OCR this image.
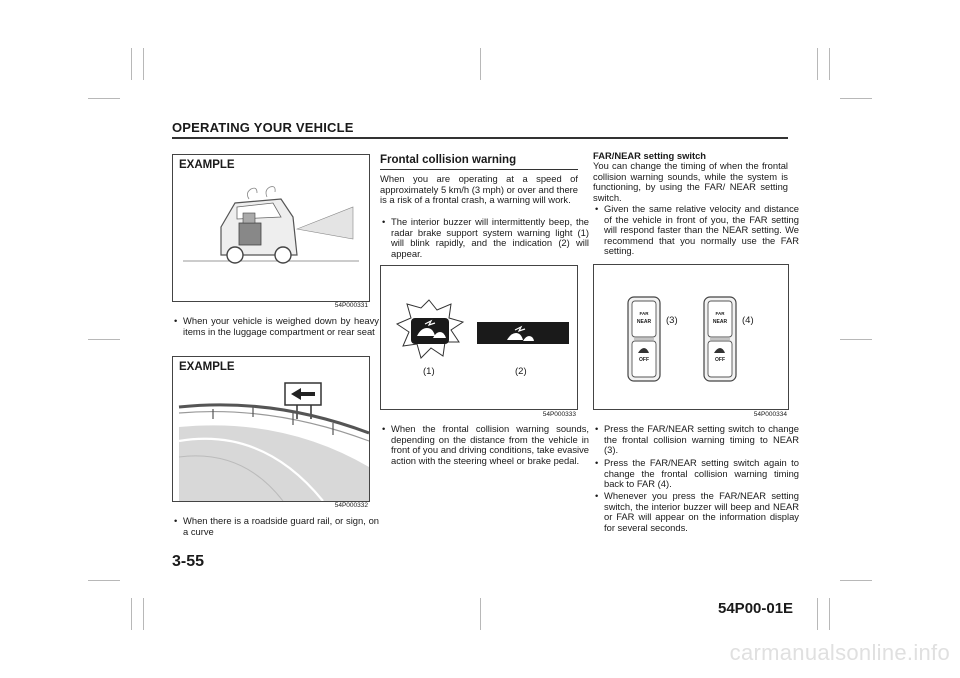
OPERATING YOUR VEHICLE
EXAMPLE
54P000331
• When your vehicle is weighed down by heavy items in the luggage compartment or rear seat
EXAMPLE
54P000332
• When there is a roadside guard rail, or sign, on a curve
Frontal collision warning
When you are operating at a speed of approximately 5 km/h (3 mph) or over and there is a risk of a frontal crash, a warning will work.
• The interior buzzer will intermittently beep, the radar brake support system warning light (1) will blink rapidly, and the indication (2) will appear.
(1)	(2)
54P000333
• When the frontal collision warning sounds, depending on the distance from the vehicle in front of you and driving conditions, take evasive action with the steering wheel or brake pedal.
FAR/NEAR setting switch
You can change the timing of when the frontal collision warning sounds, while the system is functioning, by using the FAR/ NEAR setting switch.
• Given the same relative velocity and distance of the vehicle in front of you, the FAR setting will respond faster than the NEAR setting. We recommend that you normally use the FAR setting.
FAR
NEAR
OFF
FAR
NEAR
OFF
(3)	(4)
54P000334
• Press the FAR/NEAR setting switch to change the frontal collision warning timing to NEAR (3).
• Press the FAR/NEAR setting switch again to change the frontal collision warning timing back to FAR (4).
• Whenever you press the FAR/NEAR setting switch, the interior buzzer will beep and NEAR or FAR will appear on the information display for several seconds.
3-55
54P00-01E
carmanualsonline.info
